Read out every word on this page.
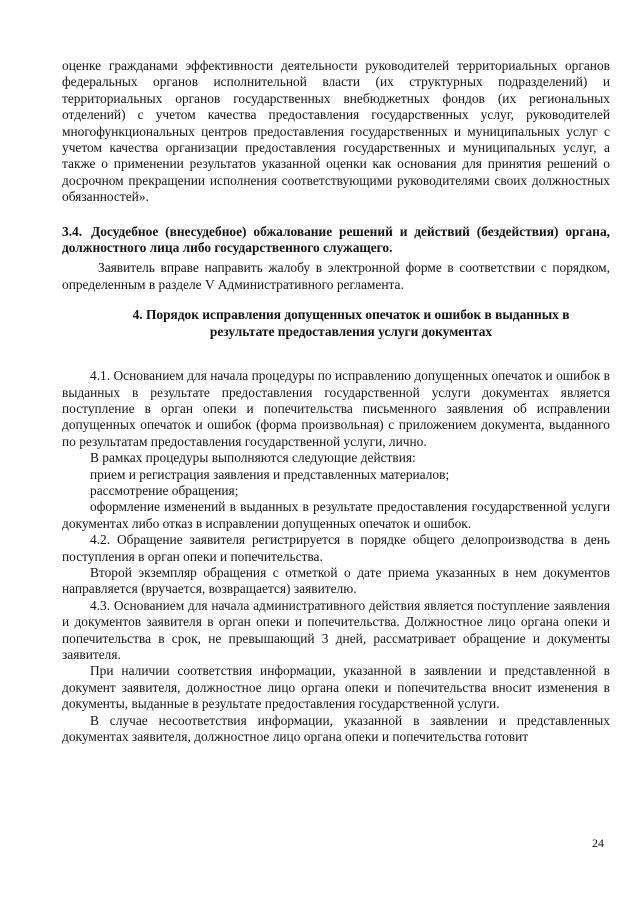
оценке гражданами эффективности деятельности руководителей территориальных органов федеральных органов исполнительной власти (их структурных подразделений) и территориальных органов государственных внебюджетных фондов (их региональных отделений) с учетом качества предоставления государственных услуг, руководителей многофункциональных центров предоставления государственных и муниципальных услуг с учетом качества организации предоставления государственных и муниципальных услуг, а также о применении результатов указанной оценки как основания для принятия решений о досрочном прекращении исполнения соответствующими руководителями своих должностных обязанностей».

3.4. Досудебное (внесудебное) обжалование решений и действий (бездействия) органа, должностного лица либо государственного служащего.

Заявитель вправе направить жалобу в электронной форме в соответствии с порядком, определенным в разделе V Административного регламента.

4. Порядок исправления допущенных опечаток и ошибок в выданных в результате предоставления услуги документах

4.1. Основанием для начала процедуры по исправлению допущенных опечаток и ошибок в выданных в результате предоставления государственной услуги документах является поступление в орган опеки и попечительства письменного заявления об исправлении допущенных опечаток и ошибок (форма произвольная) с приложением документа, выданного по результатам предоставления государственной услуги, лично.

В рамках процедуры выполняются следующие действия:

прием и регистрация заявления и представленных материалов;

рассмотрение обращения;

оформление изменений в выданных в результате предоставления государственной услуги документах либо отказ в исправлении допущенных опечаток и ошибок.

4.2. Обращение заявителя регистрируется в порядке общего делопроизводства в день поступления в орган опеки и попечительства.

Второй экземпляр обращения с отметкой о дате приема указанных в нем документов направляется (вручается, возвращается) заявителю.

4.3. Основанием для начала административного действия является поступление заявления и документов заявителя в орган опеки и попечительства. Должностное лицо органа опеки и попечительства в срок, не превышающий 3 дней, рассматривает обращение и документы заявителя.

При наличии соответствия информации, указанной в заявлении и представленной в документ заявителя, должностное лицо органа опеки и попечительства вносит изменения в документы, выданные в результате предоставления государственной услуги.

В случае несоответствия информации, указанной в заявлении и представленных документах заявителя, должностное лицо органа опеки и попечительства готовит

24
